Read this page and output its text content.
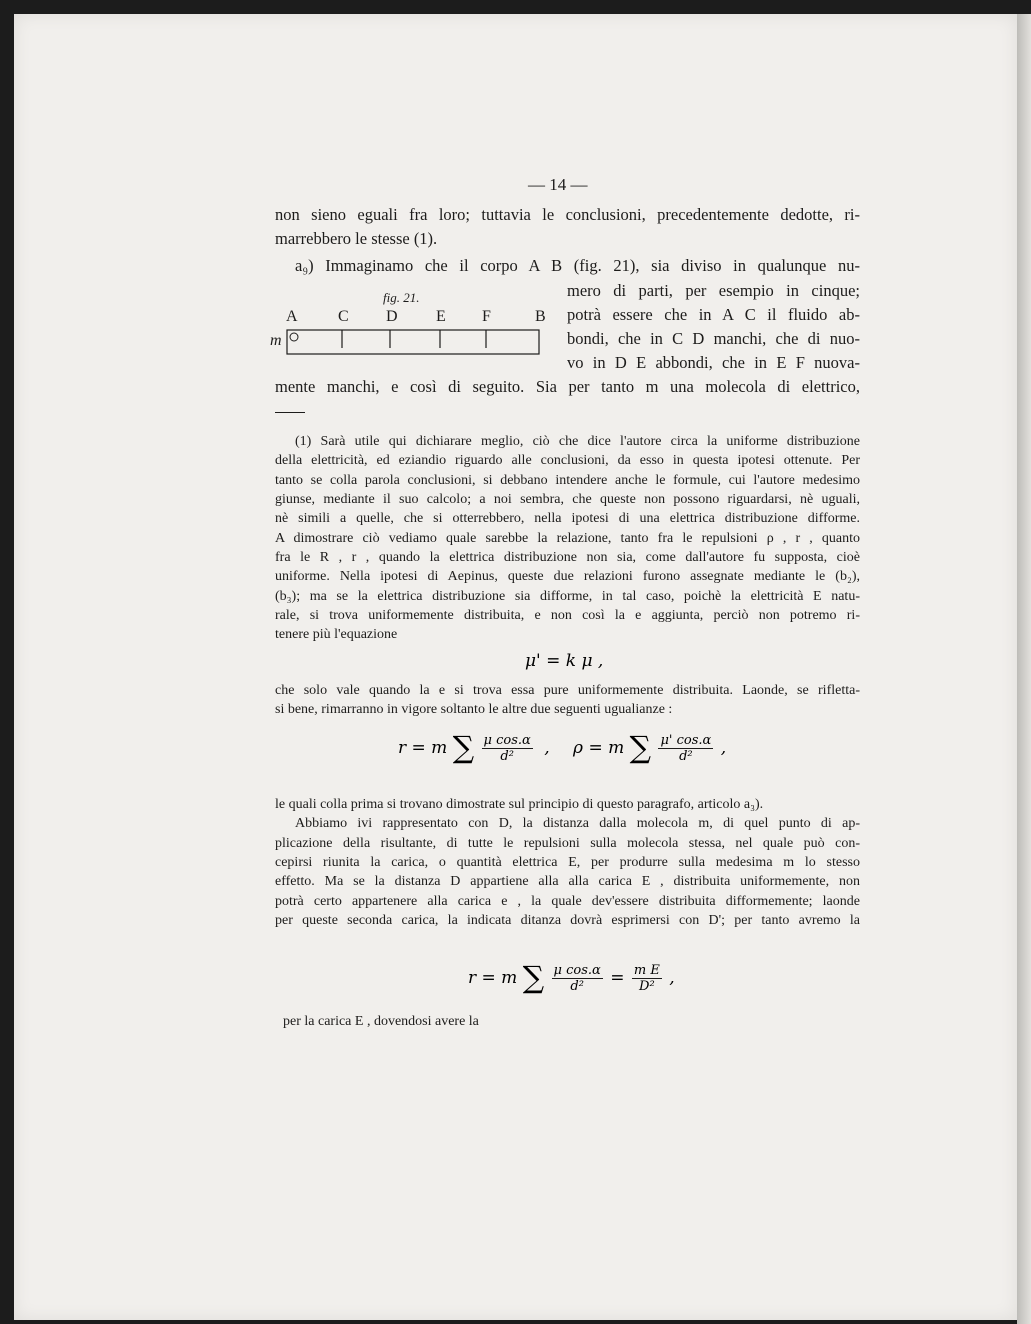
— 14 —
non sieno eguali fra loro; tuttavia le conclusioni, precedentemente dedotte, ri-
marrebbero le stesse (1).
a₉) Immaginamo che il corpo A B (fig. 21), sia diviso in qualunque nu-
mero di parti, per esempio in cinque;
potrà essere che in A C il fluido ab-
bondi, che in C D manchi, che di nuo-
vo in D E abbondi, che in E F nuova-
mente manchi, e così di seguito. Sia per tanto m una molecola di elettrico,
fig. 21.
A	C D E F	B
m
(1) Sarà utile qui dichiarare meglio, ciò che dice l'autore circa la uniforme distribuzione
della elettricità, ed eziandio riguardo alle conclusioni, da esso in questa ipotesi ottenute. Per
tanto se colla parola conclusioni, si debbano intendere anche le formule, cui l'autore medesimo
giunse, mediante il suo calcolo; a noi sembra, che queste non possono riguardarsi, nè uguali,
nè simili a quelle, che si otterrebbero, nella ipotesi di una elettrica distribuzione difforme.
A dimostrare ciò vediamo quale sarebbe la relazione, tanto fra le repulsioni ρ , r , quanto
fra le R , r , quando la elettrica distribuzione non sia, come dall'autore fu supposta, cioè
uniforme. Nella ipotesi di Aepinus, queste due relazioni furono assegnate mediante le (b₂),
(b₃); ma se la elettrica distribuzione sia difforme, in tal caso, poichè la elettricità E natu-
rale, si trova uniformemente distribuita, e non così la e aggiunta, perciò non potremo ri-
tenere più l'equazione
μ' = k μ ,
che solo vale quando la e si trova essa pure uniformemente distribuita. Laonde, se rifletta-
si bene, rimarranno in vigore soltanto le altre due seguenti ugualianze :
r = m ∑ $\frac{\text{μ cos.α}}{\text{d²}}$ , ρ = m ∑ $\frac{\mu' \cos.\alpha}{\text{d²}}$ ,
le quali colla prima si trovano dimostrate sul principio di questo paragrafo, articolo a₃).
Abbiamo ivi rappresentato con D, la distanza dalla molecola m, di quel punto di ap-
plicazione della risultante, di tutte le repulsioni sulla molecola stessa, nel quale può con-
cepirsi riunita la carica, o quantità elettrica E, per produrre sulla medesima m lo stesso
effetto. Ma se la distanza D appartiene alla alla carica E , distribuita uniformemente, non
potrà certo appartenere alla carica e , la quale dev'essere distribuita difformemente; laonde
per queste seconda carica, la indicata ditanza dovrà esprimersi con D'; per tanto avremo la
r = m ∑ $\frac{\text{μ cos.α}}{\text{d²}} = \frac{\text{m E}}{\text{D²}}$ ,
per la carica E , dovendosi avere la
